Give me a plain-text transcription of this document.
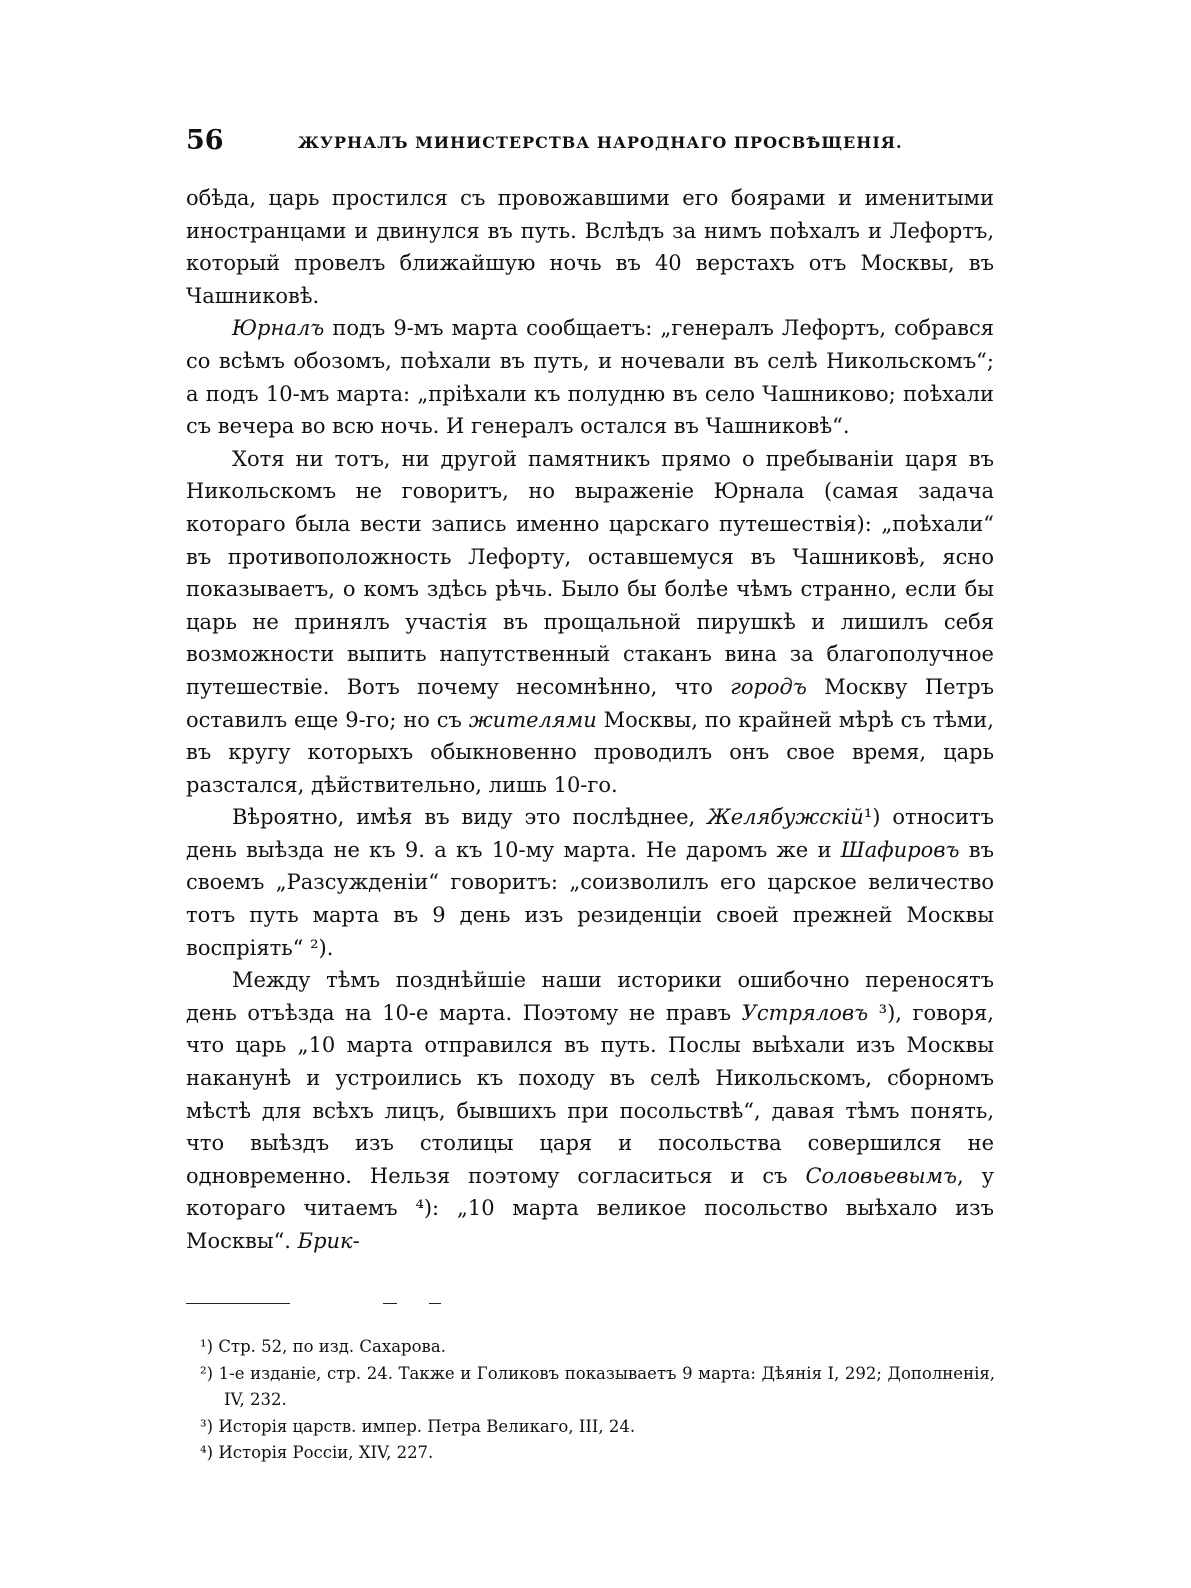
56	ЖУРНАЛЪ МИНИСТЕРСТВА НАРОДНАГО ПРОСВѢЩЕНІЯ.

обѣда, царь простился съ провожавшими его боярами и именитыми иностранцами и двинулся въ путь. Вслѣдъ за нимъ поѣхалъ и Лефортъ, который провелъ ближайшую ночь въ 40 верстахъ отъ Москвы, въ Чашниковѣ.

Юрналъ подъ 9-мъ марта сообщаетъ: „генералъ Лефортъ, собрався со всѣмъ обозомъ, поѣхали въ путь, и ночевали въ селѣ Никольскомъ“; а подъ 10-мъ марта: „пріѣхали къ полудню въ село Чашниково; поѣхали съ вечера во всю ночь. И генералъ остался въ Чашниковѣ“.

Хотя ни тотъ, ни другой памятникъ прямо о пребываніи царя въ Никольскомъ не говоритъ, но выраженіе Юрнала (самая задача котораго была вести запись именно царскаго путешествія): „поѣхали“ въ противоположность Лефорту, оставшемуся въ Чашниковѣ, ясно показываетъ, о комъ здѣсь рѣчь. Было бы болѣе чѣмъ странно, если бы царь не принялъ участія въ прощальной пирушкѣ и лишилъ себя возможности выпить напутственный стаканъ вина за благополучное путешествіе. Вотъ почему несомнѣнно, что городъ Москву Петръ оставилъ еще 9-го; но съ жителями Москвы, по крайней мѣрѣ съ тѣми, въ кругу которыхъ обыкновенно проводилъ онъ свое время, царь разстался, дѣйствительно, лишь 10-го.

Вѣроятно, имѣя въ виду это послѣднее, Желябужскій¹) относитъ день выѣзда не къ 9. а къ 10-му марта. Не даромъ же и Шафировъ въ своемъ „Разсужденіи“ говоритъ: „соизволилъ его царское величество тотъ путь марта въ 9 день изъ резиденціи своей прежней Москвы воспріять“ ²).

Между тѣмъ позднѣйшіе наши историки ошибочно переносятъ день отъѣзда на 10-е марта. Поэтому не правъ Устряловъ ³), говоря, что царь „10 марта отправился въ путь. Послы выѣхали изъ Москвы наканунѣ и устроились къ походу въ селѣ Никольскомъ, сборномъ мѣстѣ для всѣхъ лицъ, бывшихъ при посольствѣ“, давая тѣмъ понять, что выѣздъ изъ столицы царя и посольства совершился не одновременно. Нельзя поэтому согласиться и съ Соловьевымъ, у котораго читаемъ ⁴): „10 марта великое посольство выѣхало изъ Москвы“. Брик-

¹) Стр. 52, по изд. Сахарова.

²) 1-е изданіе, стр. 24. Также и Голиковъ показываетъ 9 марта: Дѣянія I, 292; Дополненія, IV, 232.

³) Исторія царств. импер. Петра Великаго, III, 24.

⁴) Исторія Россіи, XIV, 227.
